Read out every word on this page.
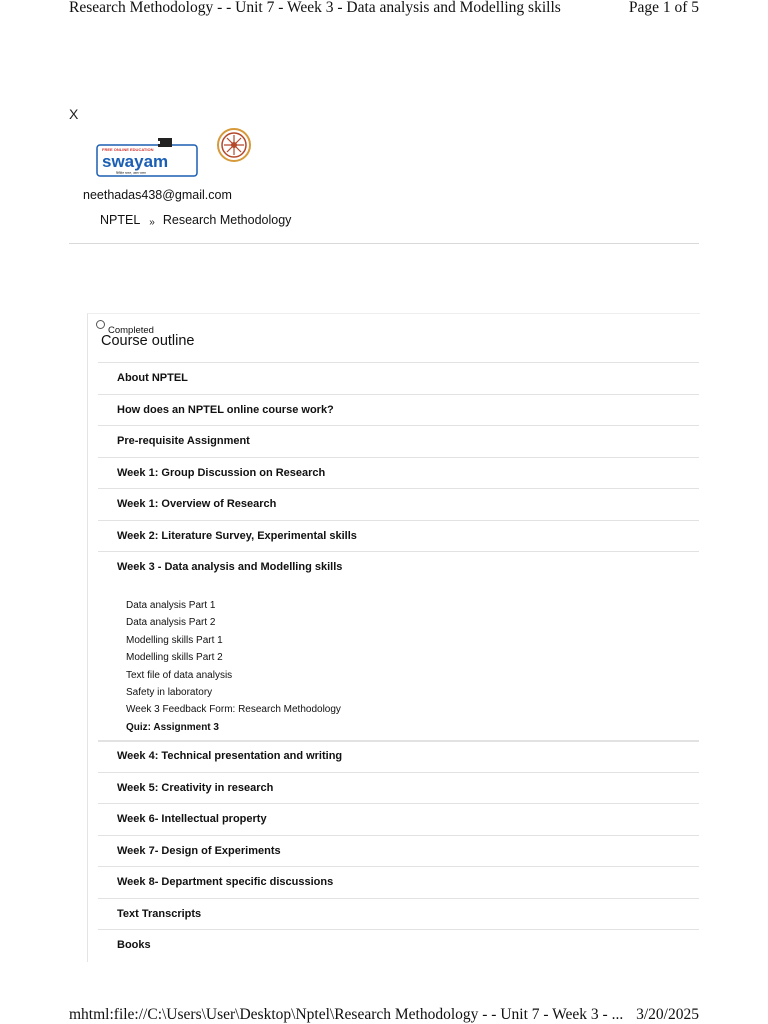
Research Methodology - - Unit 7 - Week 3 - Data analysis and Modelling skills	Page 1 of 5
X
FREE ONLINE EDUCATION
swayam
शिक्षित भारत, उन्नत भारत
neethadas438@gmail.com
NPTEL » Research Methodology
Completed
Course outline
About NPTEL
How does an NPTEL online course work?
Pre-requisite Assignment
Week 1: Group Discussion on Research
Week 1: Overview of Research
Week 2: Literature Survey, Experimental skills
Week 3 - Data analysis and Modelling skills
Data analysis Part 1
Data analysis Part 2
Modelling skills Part 1
Modelling skills Part 2
Text file of data analysis
Safety in laboratory
Week 3 Feedback Form: Research Methodology
Quiz: Assignment 3
Week 4: Technical presentation and writing
Week 5: Creativity in research
Week 6- Intellectual property
Week 7- Design of Experiments
Week 8- Department specific discussions
Text Transcripts
Books
mhtml:file://C:\Users\User\Desktop\Nptel\Research Methodology - - Unit 7 - Week 3 - ... 3/20/2025
